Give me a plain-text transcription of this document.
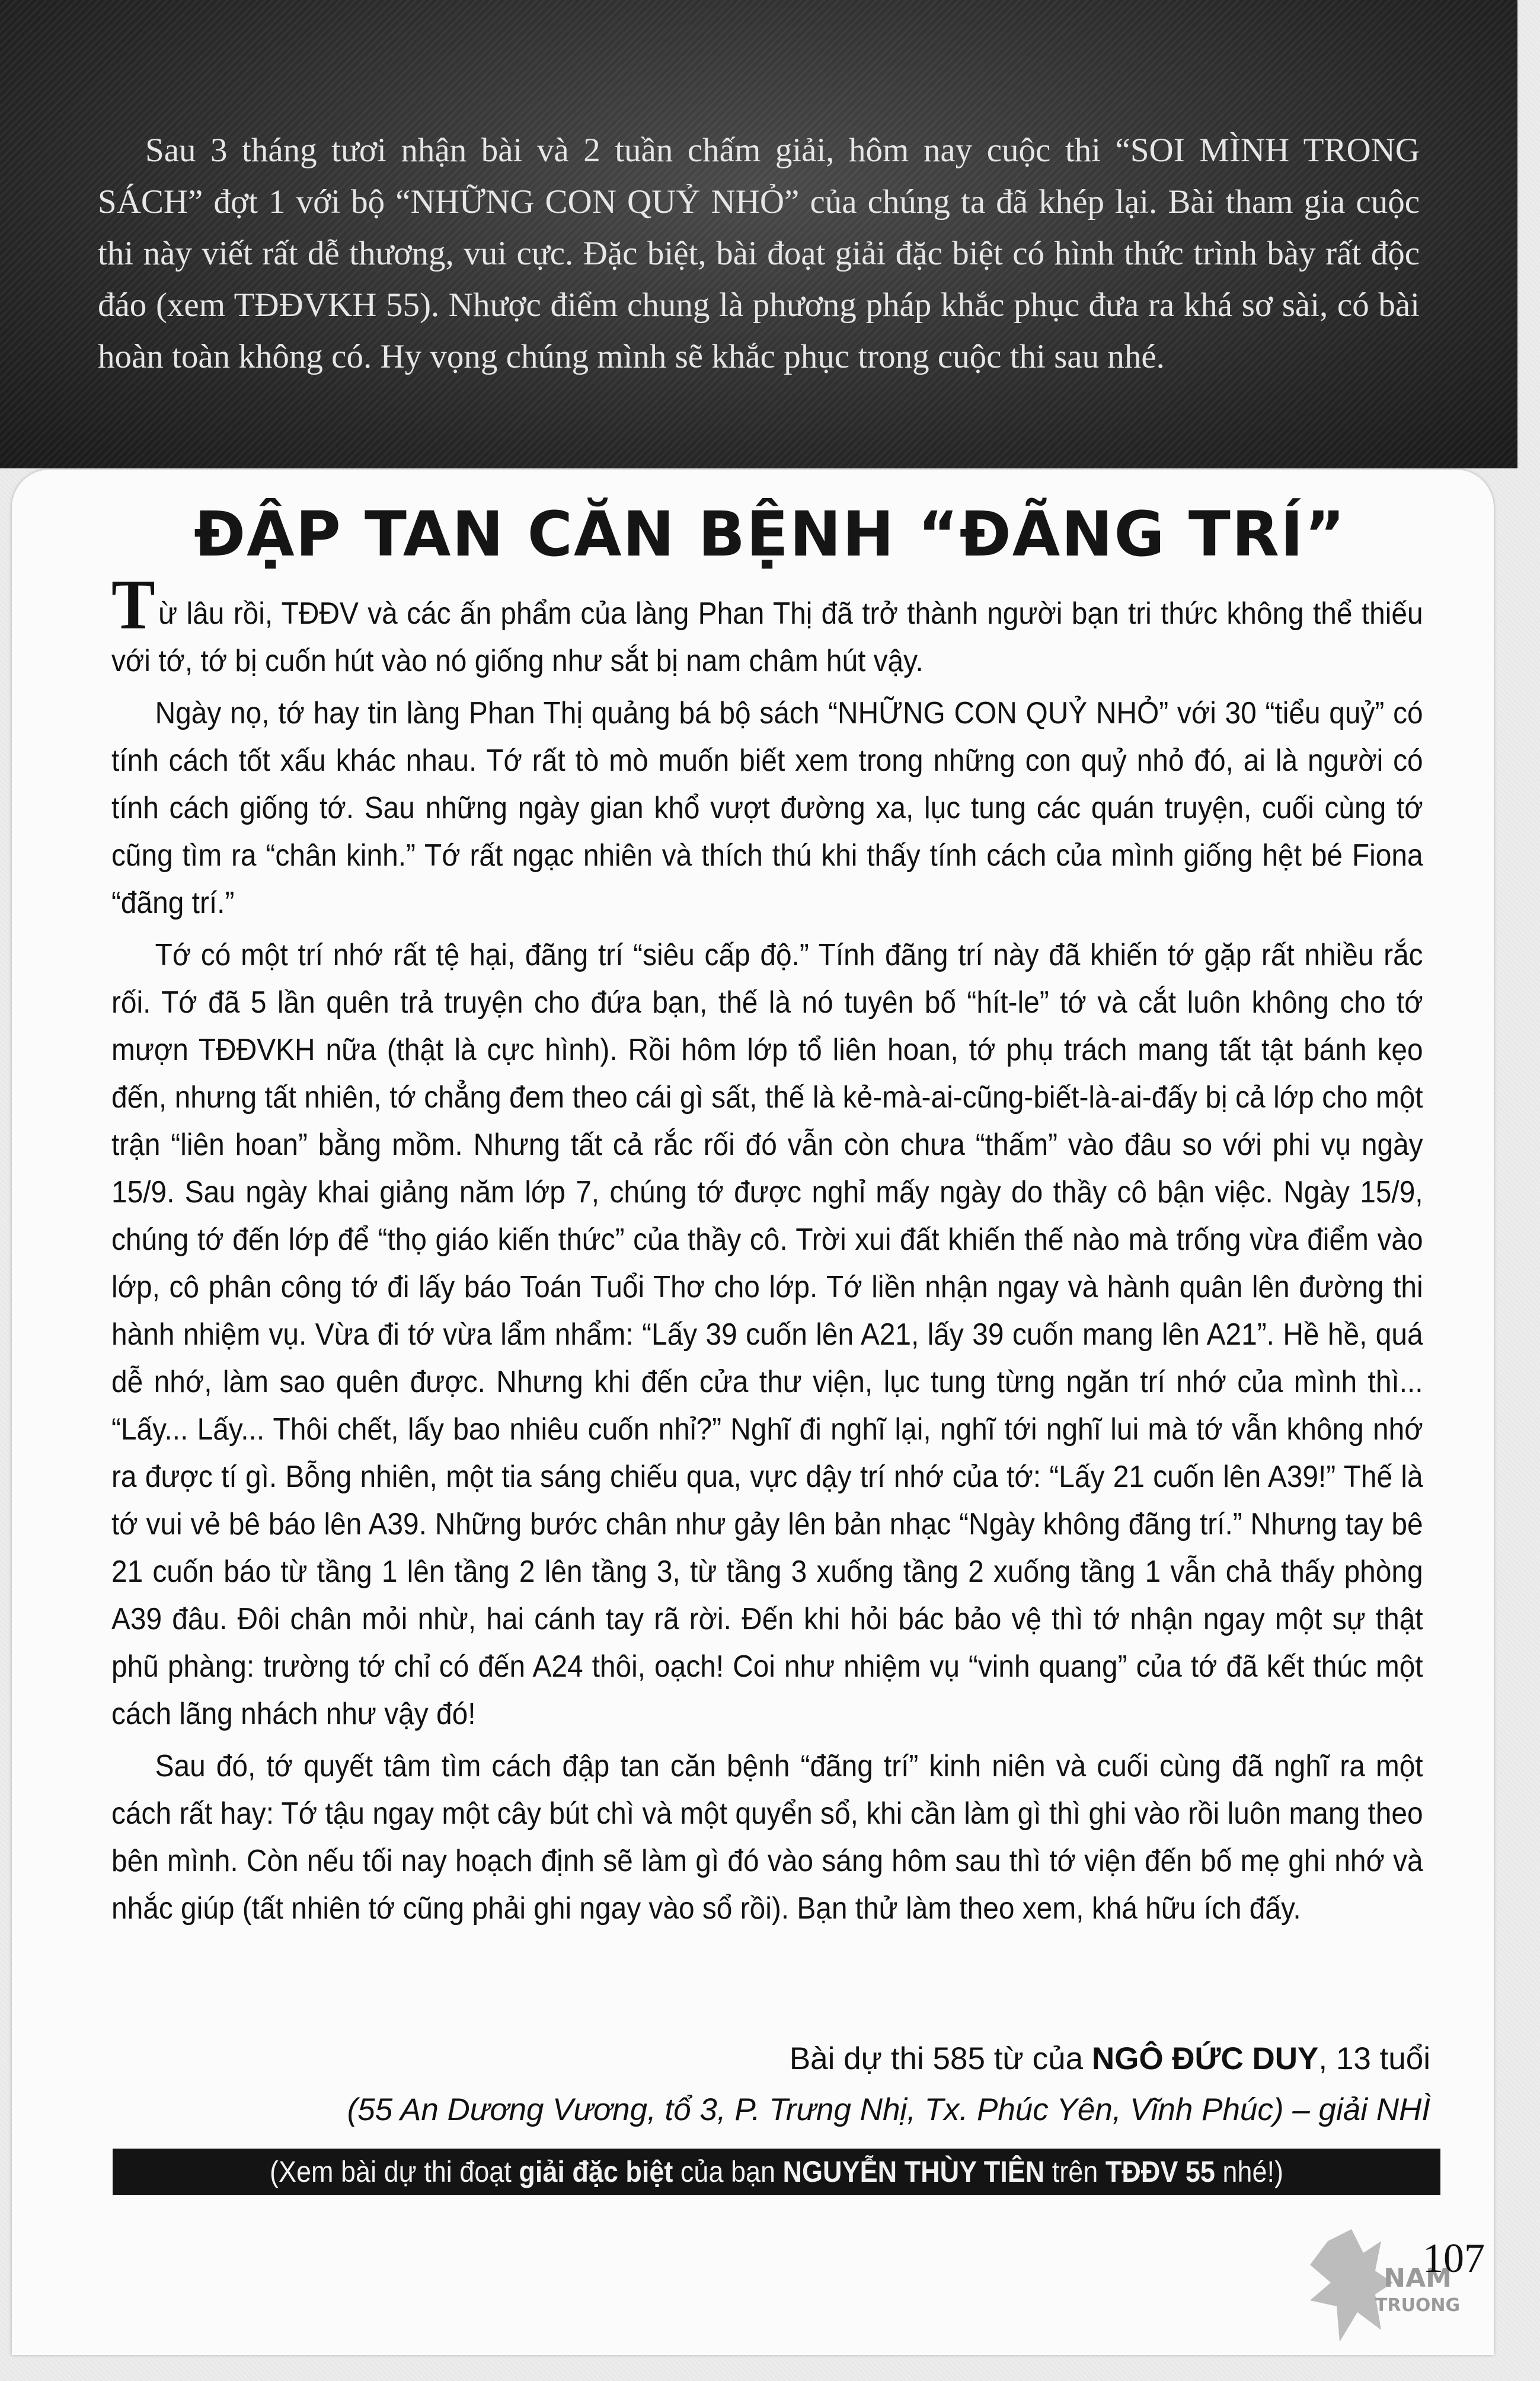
Sau 3 tháng tươi nhận bài và 2 tuần chấm giải, hôm nay cuộc thi “SOI MÌNH TRONG SÁCH” đợt 1 với bộ “NHỮNG CON QUỶ NHỎ” của chúng ta đã khép lại. Bài tham gia cuộc thi này viết rất dễ thương, vui cực. Đặc biệt, bài đoạt giải đặc biệt có hình thức trình bày rất độc đáo (xem TĐĐVKH 55). Nhược điểm chung là phương pháp khắc phục đưa ra khá sơ sài, có bài hoàn toàn không có. Hy vọng chúng mình sẽ khắc phục trong cuộc thi sau nhé.

ĐẬP TAN CĂN BỆNH “ĐÃNG TRÍ”

Từ lâu rồi, TĐĐV và các ấn phẩm của làng Phan Thị đã trở thành người bạn tri thức không thể thiếu với tớ, tớ bị cuốn hút vào nó giống như sắt bị nam châm hút vậy.

Ngày nọ, tớ hay tin làng Phan Thị quảng bá bộ sách “NHỮNG CON QUỶ NHỎ” với 30 “tiểu quỷ” có tính cách tốt xấu khác nhau. Tớ rất tò mò muốn biết xem trong những con quỷ nhỏ đó, ai là người có tính cách giống tớ. Sau những ngày gian khổ vượt đường xa, lục tung các quán truyện, cuối cùng tớ cũng tìm ra “chân kinh.” Tớ rất ngạc nhiên và thích thú khi thấy tính cách của mình giống hệt bé Fiona “đãng trí.”

Tớ có một trí nhớ rất tệ hại, đãng trí “siêu cấp độ.” Tính đãng trí này đã khiến tớ gặp rất nhiều rắc rối. Tớ đã 5 lần quên trả truyện cho đứa bạn, thế là nó tuyên bố “hít-le” tớ và cắt luôn không cho tớ mượn TĐĐVKH nữa (thật là cực hình). Rồi hôm lớp tổ liên hoan, tớ phụ trách mang tất tật bánh kẹo đến, nhưng tất nhiên, tớ chẳng đem theo cái gì sất, thế là kẻ-mà-ai-cũng-biết-là-ai-đấy bị cả lớp cho một trận “liên hoan” bằng mồm. Nhưng tất cả rắc rối đó vẫn còn chưa “thấm” vào đâu so với phi vụ ngày 15/9. Sau ngày khai giảng năm lớp 7, chúng tớ được nghỉ mấy ngày do thầy cô bận việc. Ngày 15/9, chúng tớ đến lớp để “thọ giáo kiến thức” của thầy cô. Trời xui đất khiến thế nào mà trống vừa điểm vào lớp, cô phân công tớ đi lấy báo Toán Tuổi Thơ cho lớp. Tớ liền nhận ngay và hành quân lên đường thi hành nhiệm vụ. Vừa đi tớ vừa lẩm nhẩm: “Lấy 39 cuốn lên A21, lấy 39 cuốn mang lên A21”. Hề hề, quá dễ nhớ, làm sao quên được. Nhưng khi đến cửa thư viện, lục tung từng ngăn trí nhớ của mình thì... “Lấy... Lấy... Thôi chết, lấy bao nhiêu cuốn nhỉ?” Nghĩ đi nghĩ lại, nghĩ tới nghĩ lui mà tớ vẫn không nhớ ra được tí gì. Bỗng nhiên, một tia sáng chiếu qua, vực dậy trí nhớ của tớ: “Lấy 21 cuốn lên A39!” Thế là tớ vui vẻ bê báo lên A39. Những bước chân như gảy lên bản nhạc “Ngày không đãng trí.” Nhưng tay bê 21 cuốn báo từ tầng 1 lên tầng 2 lên tầng 3, từ tầng 3 xuống tầng 2 xuống tầng 1 vẫn chả thấy phòng A39 đâu. Đôi chân mỏi nhừ, hai cánh tay rã rời. Đến khi hỏi bác bảo vệ thì tớ nhận ngay một sự thật phũ phàng: trường tớ chỉ có đến A24 thôi, oạch! Coi như nhiệm vụ “vinh quang” của tớ đã kết thúc một cách lãng nhách như vậy đó!

Sau đó, tớ quyết tâm tìm cách đập tan căn bệnh “đãng trí” kinh niên và cuối cùng đã nghĩ ra một cách rất hay: Tớ tậu ngay một cây bút chì và một quyển sổ, khi cần làm gì thì ghi vào rồi luôn mang theo bên mình. Còn nếu tối nay hoạch định sẽ làm gì đó vào sáng hôm sau thì tớ viện đến bố mẹ ghi nhớ và nhắc giúp (tất nhiên tớ cũng phải ghi ngay vào sổ rồi). Bạn thử làm theo xem, khá hữu ích đấy.

Bài dự thi 585 từ của NGÔ ĐỨC DUY, 13 tuổi
(55 An Dương Vương, tổ 3, P. Trưng Nhị, Tx. Phúc Yên, Vĩnh Phúc) – giải NHÌ
(Xem bài dự thi đoạt giải đặc biệt của bạn NGUYỄN THÙY TIÊN trên TĐĐV 55 nhé!)
NAM
TRUONG
107
